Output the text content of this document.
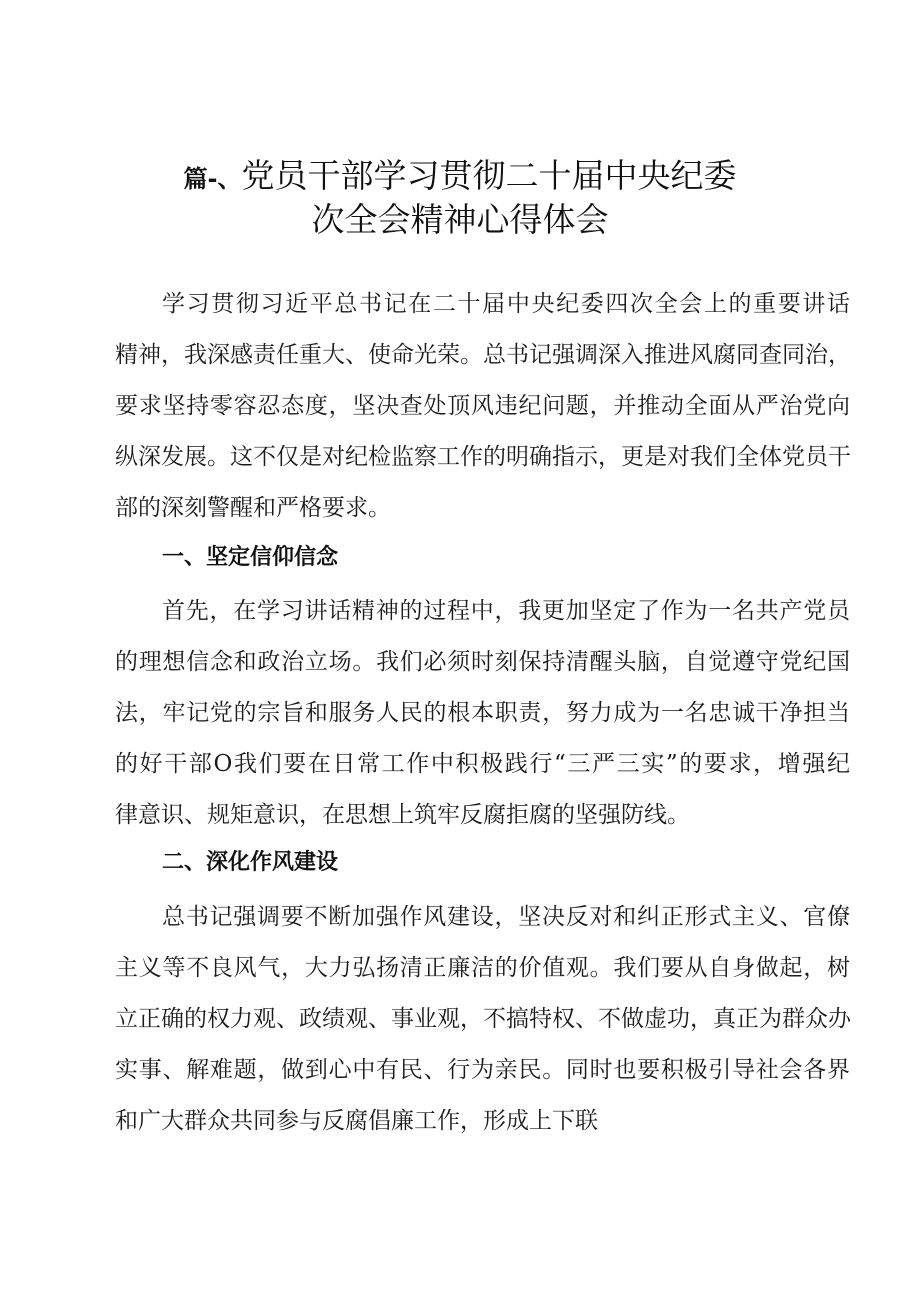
篇-、党员干部学习贯彻二十届中央纪委
次全会精神心得体会
学习贯彻习近平总书记在二十届中央纪委四次全会上的重要讲话
精神，我深感责任重大、使命光荣。总书记强调深入推进风腐同查同治，
要求坚持零容忍态度，坚决查处顶风违纪问题，并推动全面从严治党向
纵深发展。这不仅是对纪检监察工作的明确指示，更是对我们全体党员干
部的深刻警醒和严格要求。
一、坚定信仰信念
首先，在学习讲话精神的过程中，我更加坚定了作为一名共产党员
的理想信念和政治立场。我们必须时刻保持清醒头脑，自觉遵守党纪国
法，牢记党的宗旨和服务人民的根本职责，努力成为一名忠诚干净担当
的好干部O我们要在日常工作中积极践行“三严三实”的要求，增强纪
律意识、规矩意识，在思想上筑牢反腐拒腐的坚强防线。
二、深化作风建设
总书记强调要不断加强作风建设，坚决反对和纠正形式主义、官僚
主义等不良风气，大力弘扬清正廉洁的价值观。我们要从自身做起，树
立正确的权力观、政绩观、事业观，不搞特权、不做虚功，真正为群众办
实事、解难题，做到心中有民、行为亲民。同时也要积极引导社会各界
和广大群众共同参与反腐倡廉工作，形成上下联
